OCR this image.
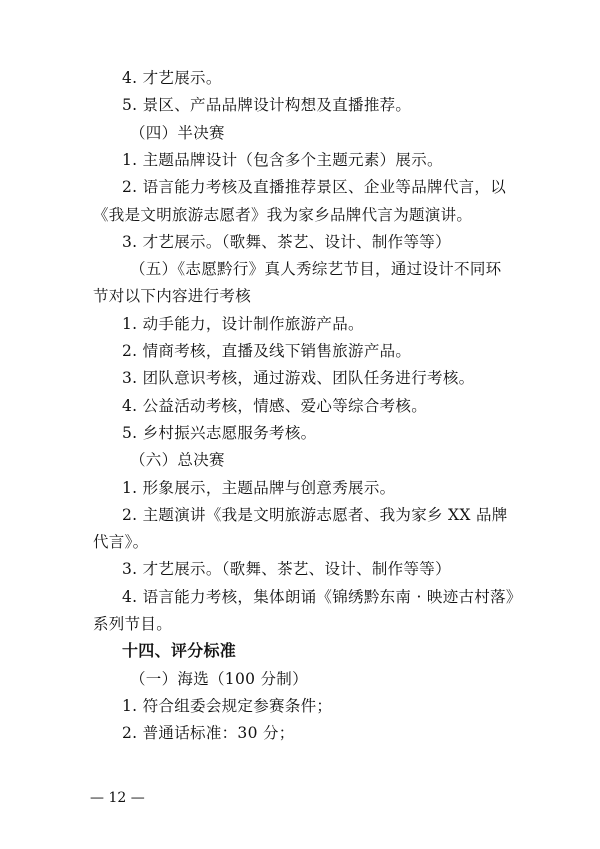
4. 才艺展示。
5. 景区、产品品牌设计构想及直播推荐。
（四）半决赛
1. 主题品牌设计（包含多个主题元素）展示。
2. 语言能力考核及直播推荐景区、企业等品牌代言，以
《我是文明旅游志愿者》我为家乡品牌代言为题演讲。
3. 才艺展示。（歌舞、茶艺、设计、制作等等）
（五）《志愿黔行》真人秀综艺节目，通过设计不同环
节对以下内容进行考核
1. 动手能力，设计制作旅游产品。
2. 情商考核，直播及线下销售旅游产品。
3. 团队意识考核，通过游戏、团队任务进行考核。
4. 公益活动考核，情感、爱心等综合考核。
5. 乡村振兴志愿服务考核。
（六）总决赛
1. 形象展示，主题品牌与创意秀展示。
2. 主题演讲《我是文明旅游志愿者、我为家乡 XX 品牌
代言》。
3. 才艺展示。（歌舞、茶艺、设计、制作等等）
4. 语言能力考核，集体朗诵《锦绣黔东南 · 映迹古村落》
系列节目。
十四、评分标准
（一）海选（100 分制）
1. 符合组委会规定参赛条件；
2. 普通话标准：30 分；
— 12 —
